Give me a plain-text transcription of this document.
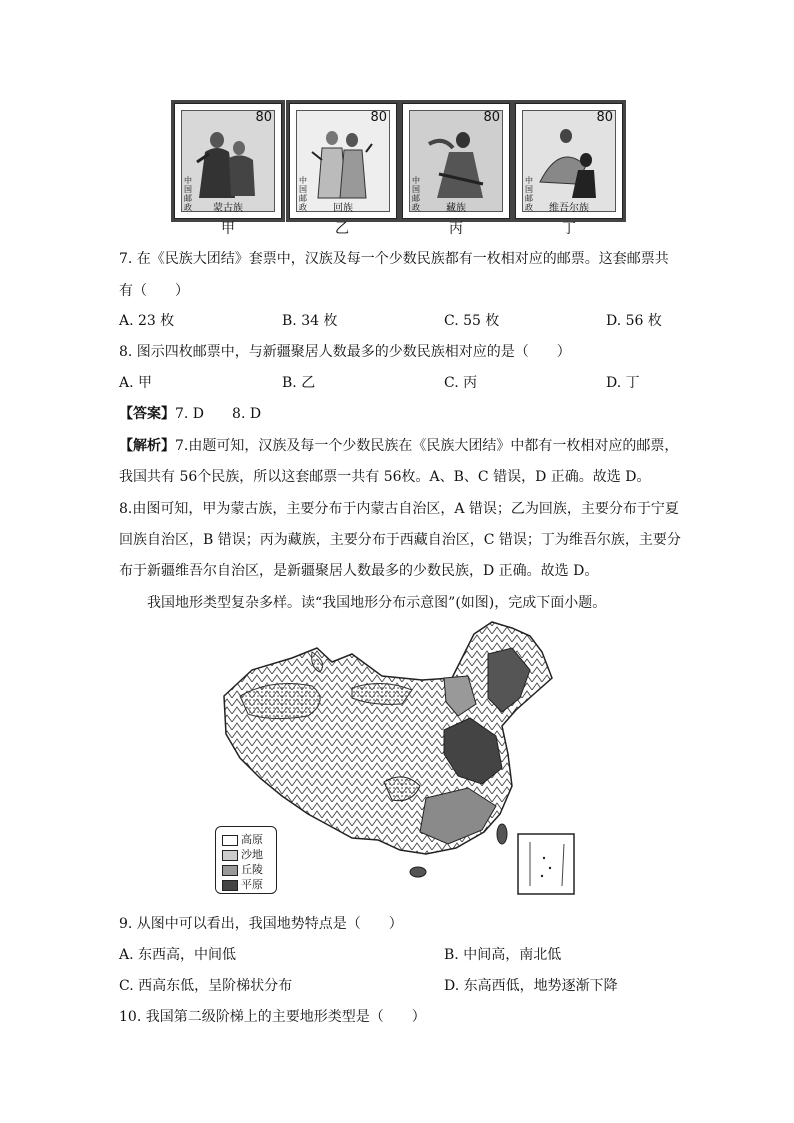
80
中国邮政	蒙古族
80
中国邮政	回族
80
中国邮政	藏族
80
中国邮政	维吾尔族
甲	乙	丙	丁
7. 在《民族大团结》套票中，汉族及每一个少数民族都有一枚相对应的邮票。这套邮票共
有（　　）
A. 23 枚	B. 34 枚	C. 55 枚	D. 56 枚
8. 图示四枚邮票中，与新疆聚居人数最多的少数民族相对应的是（　　）
A. 甲	B. 乙	C. 丙	D. 丁
【答案】7. D　　8. D
【解析】7.由题可知，汉族及每一个少数民族在《民族大团结》中都有一枚相对应的邮票，
我国共有 56个民族，所以这套邮票一共有 56枚。A、B、C 错误，D 正确。故选 D。
8.由图可知，甲为蒙古族，主要分布于内蒙古自治区，A 错误；乙为回族，主要分布于宁夏
回族自治区，B 错误；丙为藏族，主要分布于西藏自治区，C 错误；丁为维吾尔族，主要分
布于新疆维吾尔自治区，是新疆聚居人数最多的少数民族，D 正确。故选 D。
我国地形类型复杂多样。读“我国地形分布示意图”(如图)，完成下面小题。
高原
沙地
丘陵
平原
9. 从图中可以看出，我国地势特点是（　　）
A. 东西高，中间低	B. 中间高，南北低
C. 西高东低，呈阶梯状分布	D. 东高西低，地势逐渐下降
10. 我国第二级阶梯上的主要地形类型是（　　）
